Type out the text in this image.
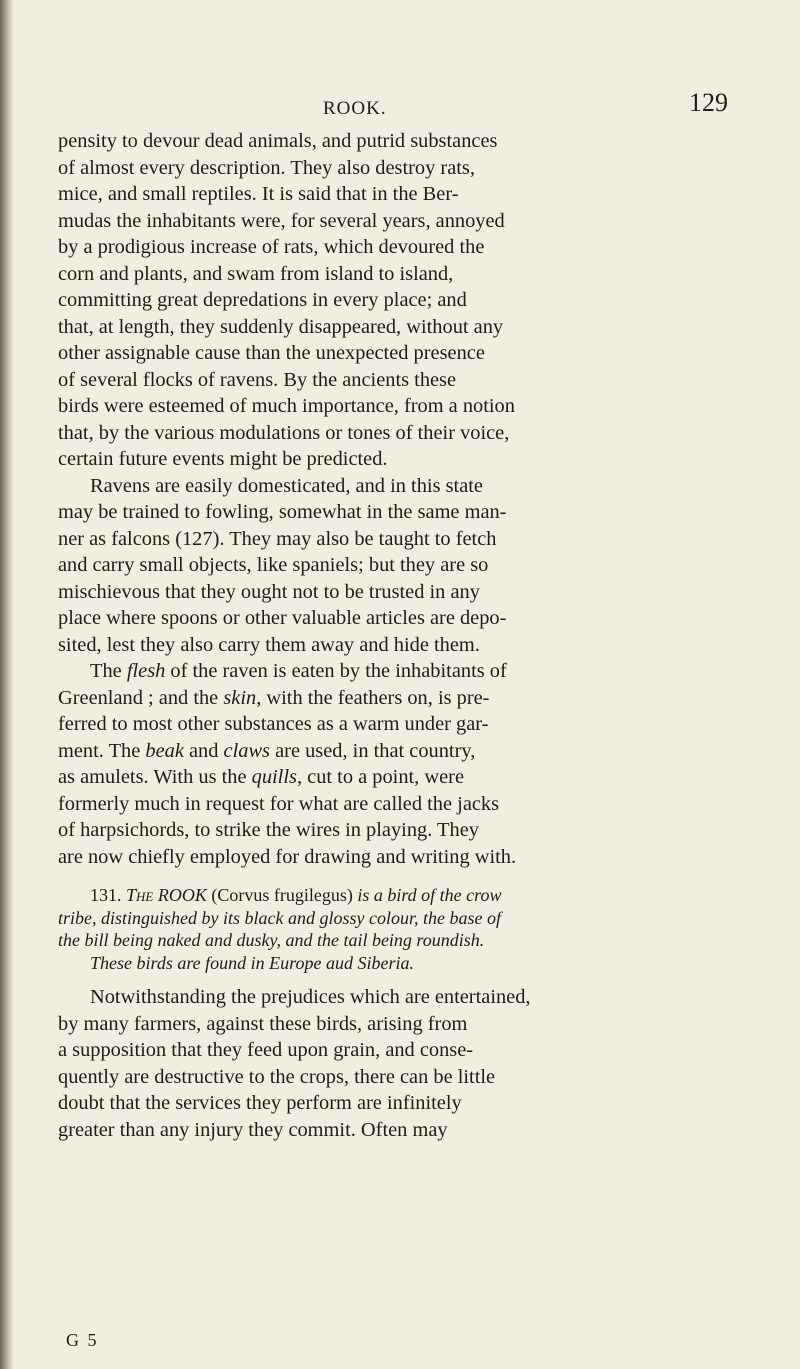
ROOK.	129

pensity to devour dead animals, and putrid substances
of almost every description. They also destroy rats,
mice, and small reptiles. It is said that in the Ber-
mudas the inhabitants were, for several years, annoyed
by a prodigious increase of rats, which devoured the
corn and plants, and swam from island to island,
committing great depredations in every place; and
that, at length, they suddenly disappeared, without any
other assignable cause than the unexpected presence
of several flocks of ravens. By the ancients these
birds were esteemed of much importance, from a notion
that, by the various modulations or tones of their voice,
certain future events might be predicted.

Ravens are easily domesticated, and in this state
may be trained to fowling, somewhat in the same man-
ner as falcons (127). They may also be taught to fetch
and carry small objects, like spaniels; but they are so
mischievous that they ought not to be trusted in any
place where spoons or other valuable articles are depo-
sited, lest they also carry them away and hide them.

The flesh of the raven is eaten by the inhabitants of
Greenland ; and the skin, with the feathers on, is pre-
ferred to most other substances as a warm under gar-
ment. The beak and claws are used, in that country,
as amulets. With us the quills, cut to a point, were
formerly much in request for what are called the jacks
of harpsichords, to strike the wires in playing. They
are now chiefly employed for drawing and writing with.

131. The ROOK (Corvus frugilegus) is a bird of the crow
tribe, distinguished by its black and glossy colour, the base of
the bill being naked and dusky, and the tail being roundish.
These birds are found in Europe aud Siberia.

Notwithstanding the prejudices which are entertained,
by many farmers, against these birds, arising from
a supposition that they feed upon grain, and conse-
quently are destructive to the crops, there can be little
doubt that the services they perform are infinitely
greater than any injury they commit. Often may

G 5
